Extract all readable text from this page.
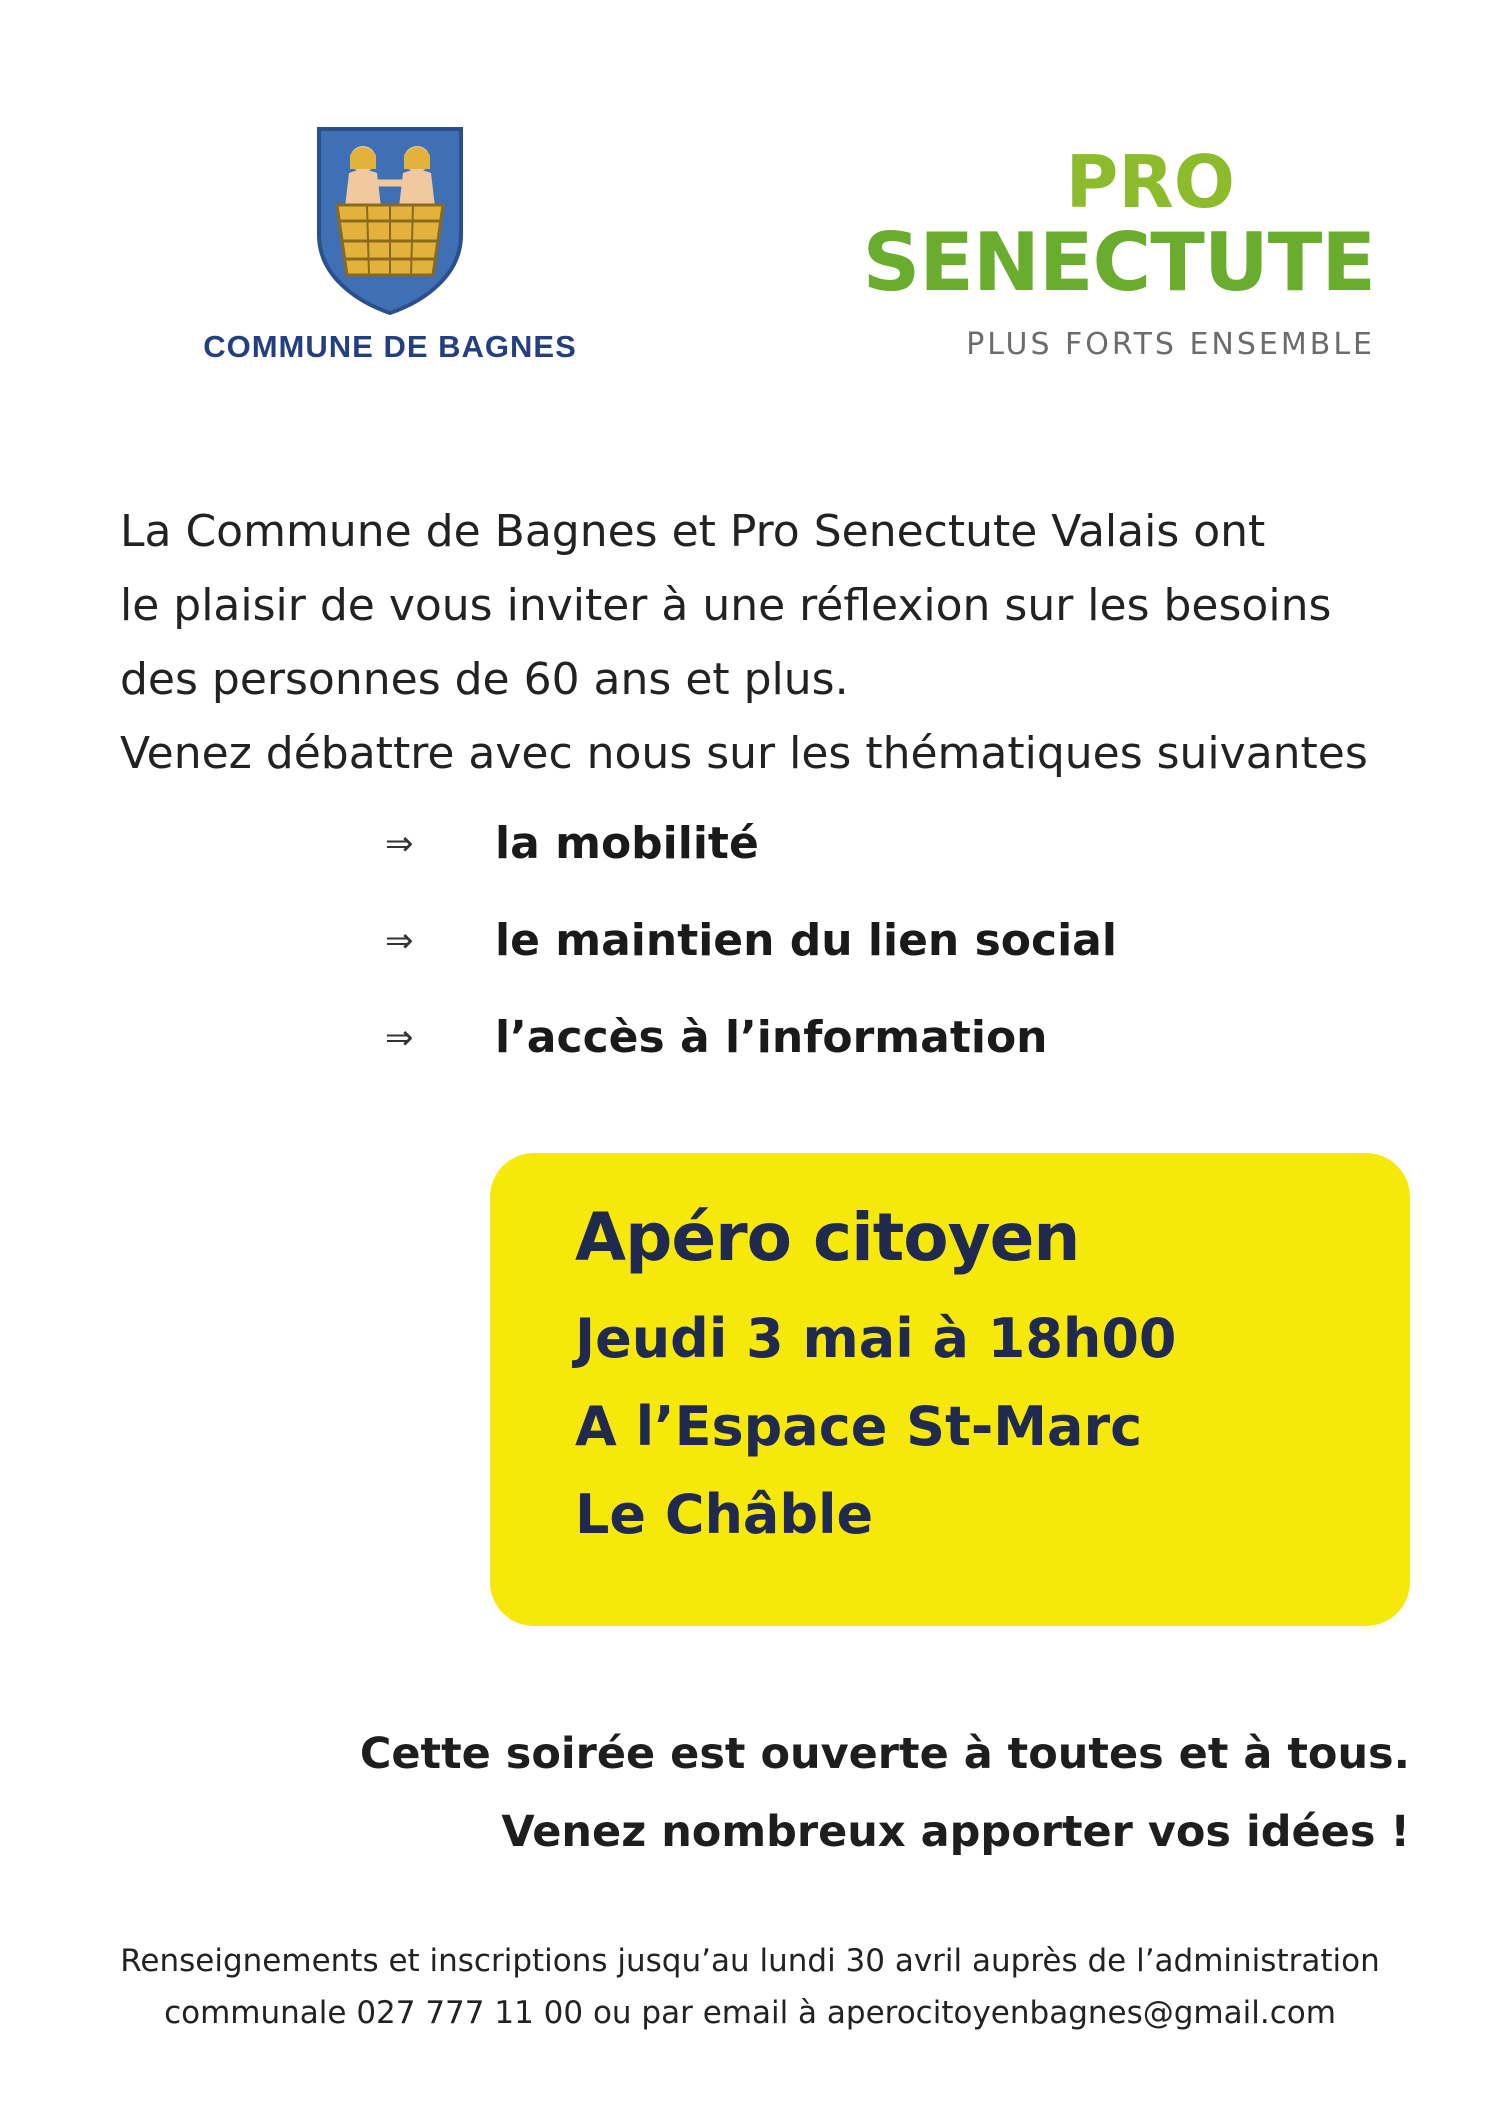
COMMUNE DE BAGNES
PRO
SENECTUTE
PLUS FORTS ENSEMBLE

La Commune de Bagnes et Pro Senectute Valais ont

le plaisir de vous inviter à une réflexion sur les besoins

des personnes de 60 ans et plus.

Venez débattre avec nous sur les thématiques suivantes

⇒	la mobilité
⇒	le maintien du lien social
⇒	l’accès à l’information
Apéro citoyen
Jeudi 3 mai à 18h00
A l’Espace St-Marc
Le Châble
Cette soirée est ouverte à toutes et à tous.
Venez nombreux apporter vos idées !
Renseignements et inscriptions jusqu’au lundi 30 avril auprès de l’administration
communale 027 777 11 00 ou par email à aperocitoyenbagnes@gmail.com
